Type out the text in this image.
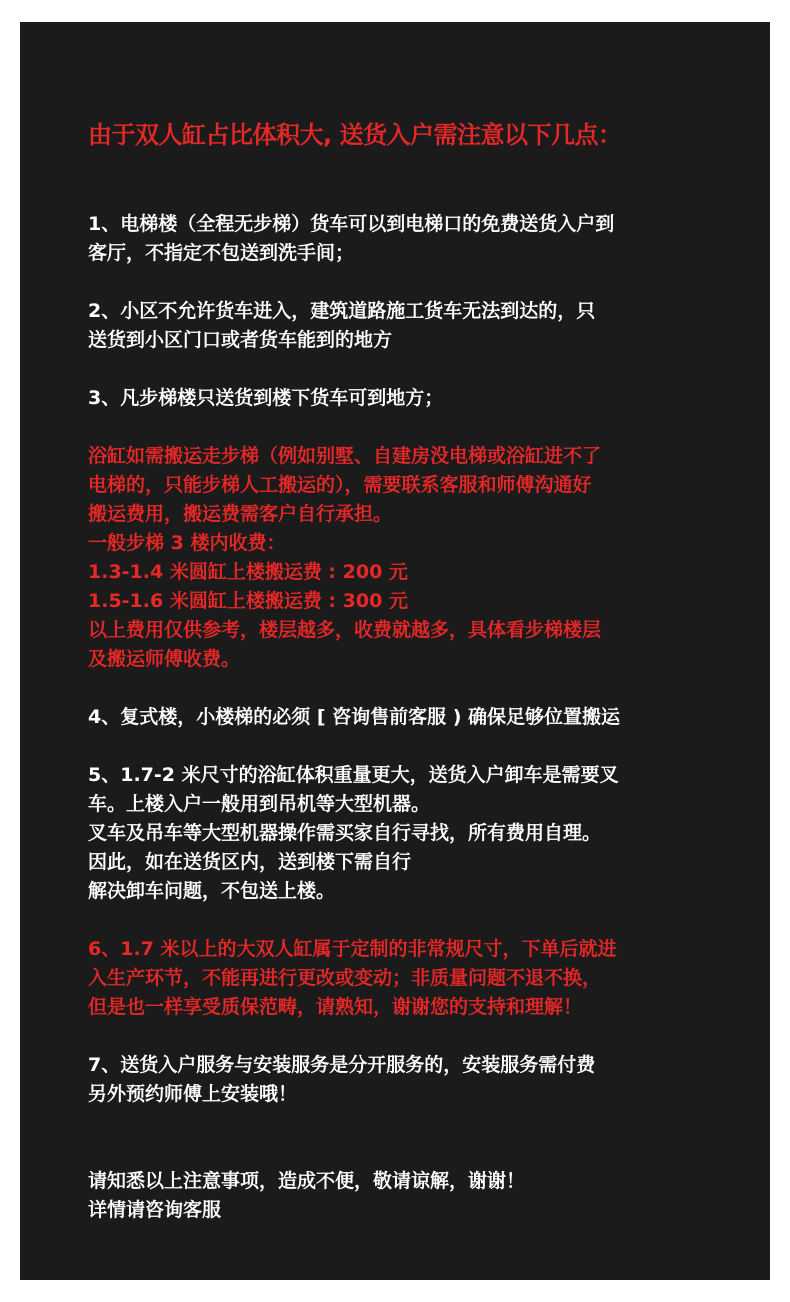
由于双人缸占比体积大, 送货入户需注意以下几点：
1、电梯楼（全程无步梯）货车可以到电梯口的免费送货入户到
客厅，不指定不包送到洗手间；
2、小区不允许货车进入，建筑道路施工货车无法到达的，只
送货到小区门口或者货车能到的地方
3、凡步梯楼只送货到楼下货车可到地方；
浴缸如需搬运走步梯（例如别墅、自建房没电梯或浴缸进不了
电梯的，只能步梯人工搬运的），需要联系客服和师傅沟通好
搬运费用，搬运费需客户自行承担。
一般步梯 3 楼内收费：
1.3-1.4 米圆缸上楼搬运费 : 200 元
1.5-1.6 米圆缸上楼搬运费 : 300 元
以上费用仅供参考，楼层越多，收费就越多，具体看步梯楼层
及搬运师傅收费。
4、复式楼，小楼梯的必须 [ 咨询售前客服 ) 确保足够位置搬运
5、1.7-2 米尺寸的浴缸体积重量更大，送货入户卸车是需要叉
车。上楼入户一般用到吊机等大型机器。
叉车及吊车等大型机器操作需买家自行寻找，所有费用自理。
因此，如在送货区内，送到楼下需自行
解决卸车问题，不包送上楼。
6、1.7 米以上的大双人缸属于定制的非常规尺寸，下单后就进
入生产环节，不能再进行更改或变动；非质量问题不退不换，
但是也一样享受质保范畴，请熟知，谢谢您的支持和理解！
7、送货入户服务与安装服务是分开服务的，安装服务需付费
另外预约师傅上安装哦！
请知悉以上注意事项，造成不便，敬请谅解，谢谢！
详情请咨询客服
